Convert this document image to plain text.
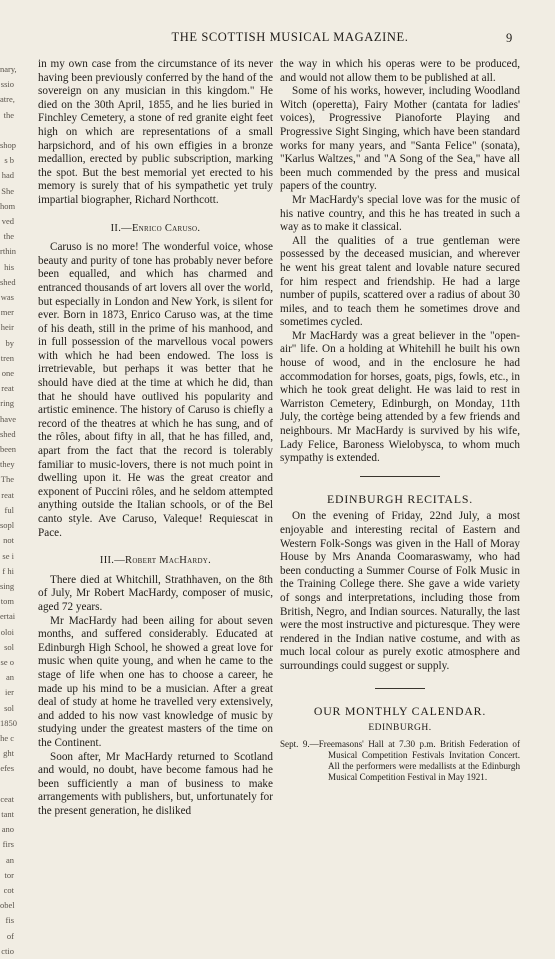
THE SCOTTISH MUSICAL MAGAZINE.	9
nary,
ssio
atre,
the

shop
s b
had
She
hom
ved
the
rthin
his
shed
was
mer
heir
by
tren
one
reat
ring
have
shed
been
they
The
reat
ful
sopl
not
se i
f hi
sing
tom
ertai
oloi
sol
se o
an
ier
sol
1850
he c
ght
efes

ceat
tant
ano
firs
an
tor
cot
obel
fis
of
ctio

in my own case from the circumstance of its never having been previously conferred by the hand of the sovereign on any musician in this kingdom." He died on the 30th April, 1855, and he lies buried in Finchley Cemetery, a stone of red granite eight feet high on which are representations of a small harpsichord, and of his own effigies in a bronze medallion, erected by public subscription, marking the spot. But the best memorial yet erected to his memory is surely that of his sympathetic yet truly impartial biographer, Richard Northcott.

II.—Enrico Caruso.

Caruso is no more! The wonderful voice, whose beauty and purity of tone has probably never before been equalled, and which has charmed and entranced thousands of art lovers all over the world, but especially in London and New York, is silent for ever. Born in 1873, Enrico Caruso was, at the time of his death, still in the prime of his manhood, and in full possession of the marvellous vocal powers with which he had been endowed. The loss is irretrievable, but perhaps it was better that he should have died at the time at which he did, than that he should have outlived his popularity and artistic eminence. The history of Caruso is chiefly a record of the theatres at which he has sung, and of the rôles, about fifty in all, that he has filled, and, apart from the fact that the record is tolerably familiar to music-lovers, there is not much point in dwelling upon it. He was the great creator and exponent of Puccini rôles, and he seldom attempted anything outside the Italian schools, or of the Bel canto style. Ave Caruso, Valeque! Requiescat in Pace.

III.—Robert MacHardy.

There died at Whitchill, Strathhaven, on the 8th of July, Mr Robert MacHardy, composer of music, aged 72 years.

Mr MacHardy had been ailing for about seven months, and suffered considerably. Educated at Edinburgh High School, he showed a great love for music when quite young, and when he came to the stage of life when one has to choose a career, he made up his mind to be a musician. After a great deal of study at home he travelled very extensively, and added to his now vast knowledge of music by studying under the greatest masters of the time on the Continent.

Soon after, Mr MacHardy returned to Scotland and would, no doubt, have become famous had he been sufficiently a man of business to make arrangements with publishers, but, unfortunately for the present generation, he disliked

the way in which his operas were to be produced, and would not allow them to be published at all.

Some of his works, however, including Woodland Witch (operetta), Fairy Mother (cantata for ladies' voices), Progressive Pianoforte Playing and Progressive Sight Singing, which have been standard works for many years, and "Santa Felice" (sonata), "Karlus Waltzes," and "A Song of the Sea," have all been much commended by the press and musical papers of the country.

Mr MacHardy's special love was for the music of his native country, and this he has treated in such a way as to make it classical.

All the qualities of a true gentleman were possessed by the deceased musician, and wherever he went his great talent and lovable nature secured for him respect and friendship. He had a large number of pupils, scattered over a radius of about 30 miles, and to teach them he sometimes drove and sometimes cycled.

Mr MacHardy was a great believer in the "open-air" life. On a holding at Whitehill he built his own house of wood, and in the enclosure he had accommodation for horses, goats, pigs, fowls, etc., in which he took great delight. He was laid to rest in Warriston Cemetery, Edinburgh, on Monday, 11th July, the cortège being attended by a few friends and neighbours. Mr MacHardy is survived by his wife, Lady Felice, Baroness Wielobysca, to whom much sympathy is extended.

EDINBURGH RECITALS.

On the evening of Friday, 22nd July, a most enjoyable and interesting recital of Eastern and Western Folk-Songs was given in the Hall of Moray House by Mrs Ananda Coomaraswamy, who had been conducting a Summer Course of Folk Music in the Training College there. She gave a wide variety of songs and interpretations, including those from British, Negro, and Indian sources. Naturally, the last were the most instructive and picturesque. They were rendered in the Indian native costume, and with as much local colour as purely exotic atmosphere and surroundings could suggest or supply.

OUR MONTHLY CALENDAR.
EDINBURGH.
Sept. 9.—Freemasons' Hall at 7.30 p.m. British Federation of Musical Competition Festivals Invitation Concert. All the performers were medallists at the Edinburgh Musical Competition Festival in May 1921.
